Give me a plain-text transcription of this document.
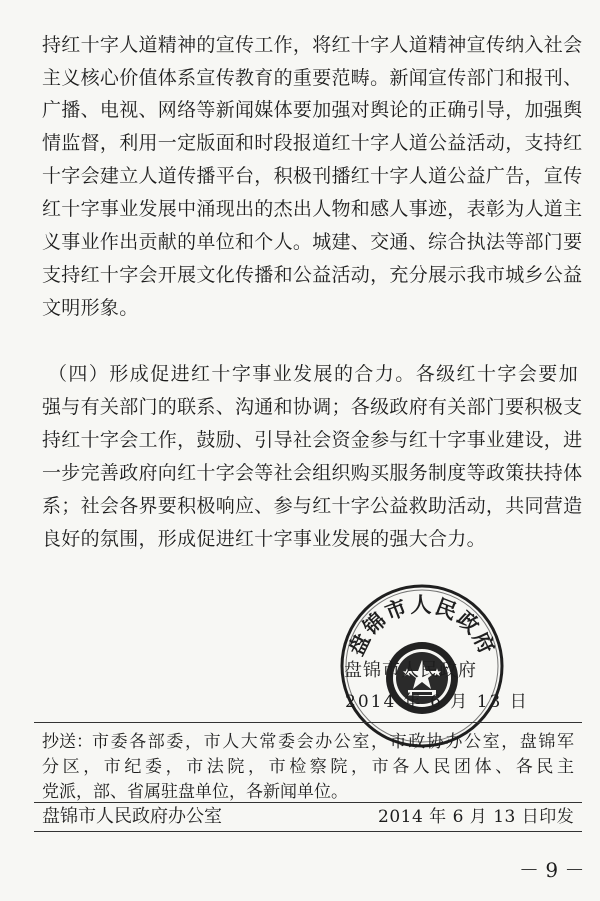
盘锦市人民政府
持红十字人道精神的宣传工作，将红十字人道精神宣传纳入社会
主义核心价值体系宣传教育的重要范畴。新闻宣传部门和报刊、
广播、电视、网络等新闻媒体要加强对舆论的正确引导，加强舆
情监督，利用一定版面和时段报道红十字人道公益活动，支持红
十字会建立人道传播平台，积极刊播红十字人道公益广告，宣传
红十字事业发展中涌现出的杰出人物和感人事迹，表彰为人道主
义事业作出贡献的单位和个人。城建、交通、综合执法等部门要
支持红十字会开展文化传播和公益活动，充分展示我市城乡公益
文明形象。
（四）形成促进红十字事业发展的合力。各级红十字会要加
强与有关部门的联系、沟通和协调；各级政府有关部门要积极支
持红十字会工作，鼓励、引导社会资金参与红十字事业建设，进
一步完善政府向红十字会等社会组织购买服务制度等政策扶持体
系；社会各界要积极响应、参与红十字公益救助活动，共同营造
良好的氛围，形成促进红十字事业发展的强大合力。
盘锦市人民政府
2014 年 6 月 13 日
抄送： 市委各部委，市人大常委会办公室，市政协办公室，盘锦军
分区，市纪委，市法院，市检察院，市各人民团体、各民主
党派，部、省属驻盘单位，各新闻单位。
盘锦市人民政府办公室	2014 年 6 月 13 日印发
－ 9 －
